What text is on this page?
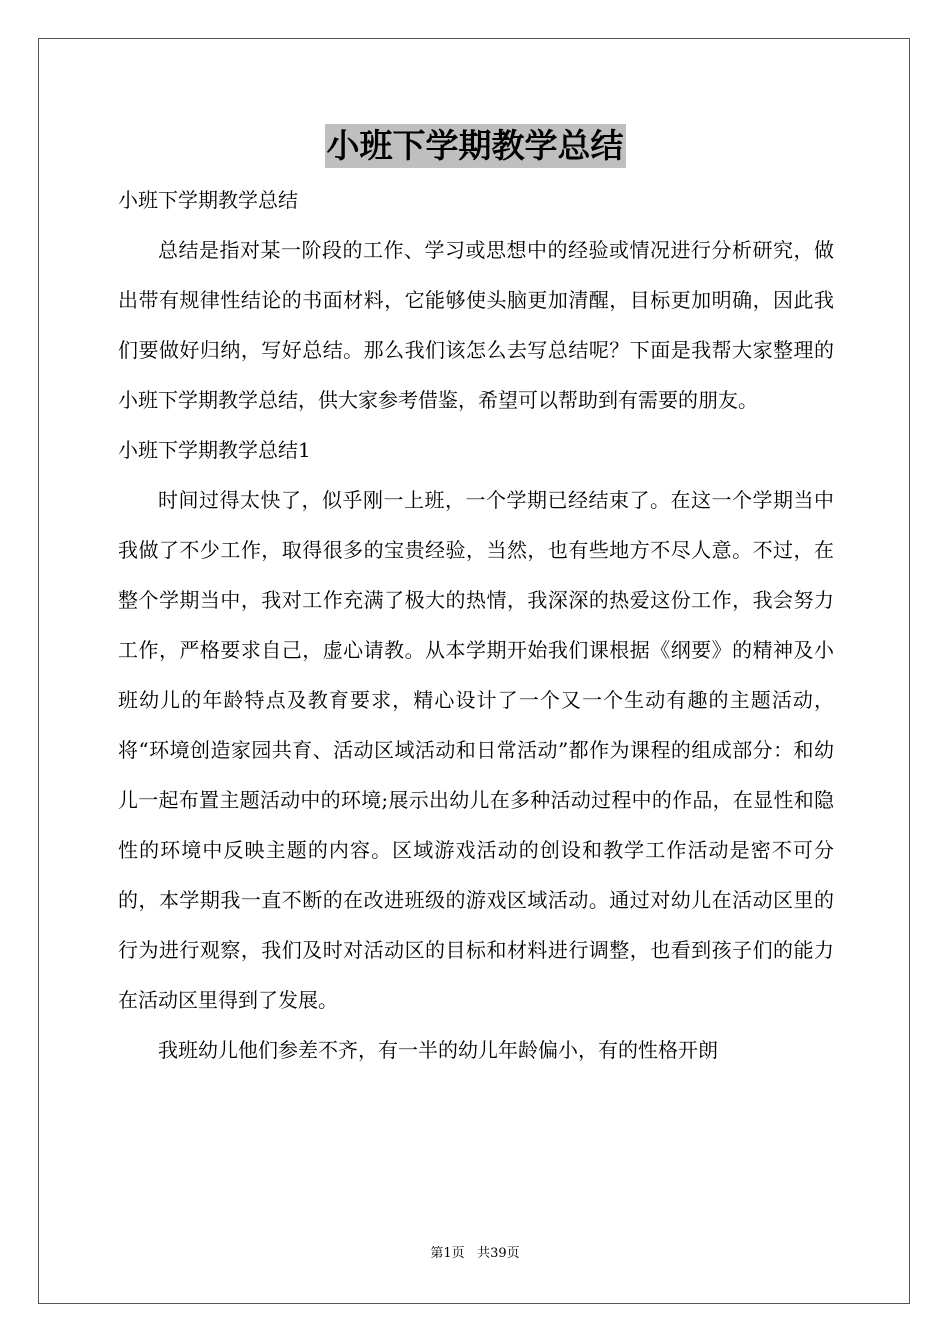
小班下学期教学总结

小班下学期教学总结

总结是指对某一阶段的工作、学习或思想中的经验或情况进行分析研究，做出带有规律性结论的书面材料，它能够使头脑更加清醒，目标更加明确，因此我们要做好归纳，写好总结。那么我们该怎么去写总结呢？下面是我帮大家整理的小班下学期教学总结，供大家参考借鉴，希望可以帮助到有需要的朋友。

小班下学期教学总结1

时间过得太快了，似乎刚一上班，一个学期已经结束了。在这一个学期当中我做了不少工作，取得很多的宝贵经验，当然，也有些地方不尽人意。不过，在整个学期当中，我对工作充满了极大的热情，我深深的热爱这份工作，我会努力工作，严格要求自己，虚心请教。从本学期开始我们课根据《纲要》的精神及小班幼儿的年龄特点及教育要求，精心设计了一个又一个生动有趣的主题活动，将“环境创造家园共育、活动区域活动和日常活动”都作为课程的组成部分：和幼儿一起布置主题活动中的环境;展示出幼儿在多种活动过程中的作品，在显性和隐性的环境中反映主题的内容。区域游戏活动的创设和教学工作活动是密不可分的，本学期我一直不断的在改进班级的游戏区域活动。通过对幼儿在活动区里的行为进行观察，我们及时对活动区的目标和材料进行调整，也看到孩子们的能力在活动区里得到了发展。

我班幼儿他们参差不齐，有一半的幼儿年龄偏小，有的性格开朗

第1页 共39页
